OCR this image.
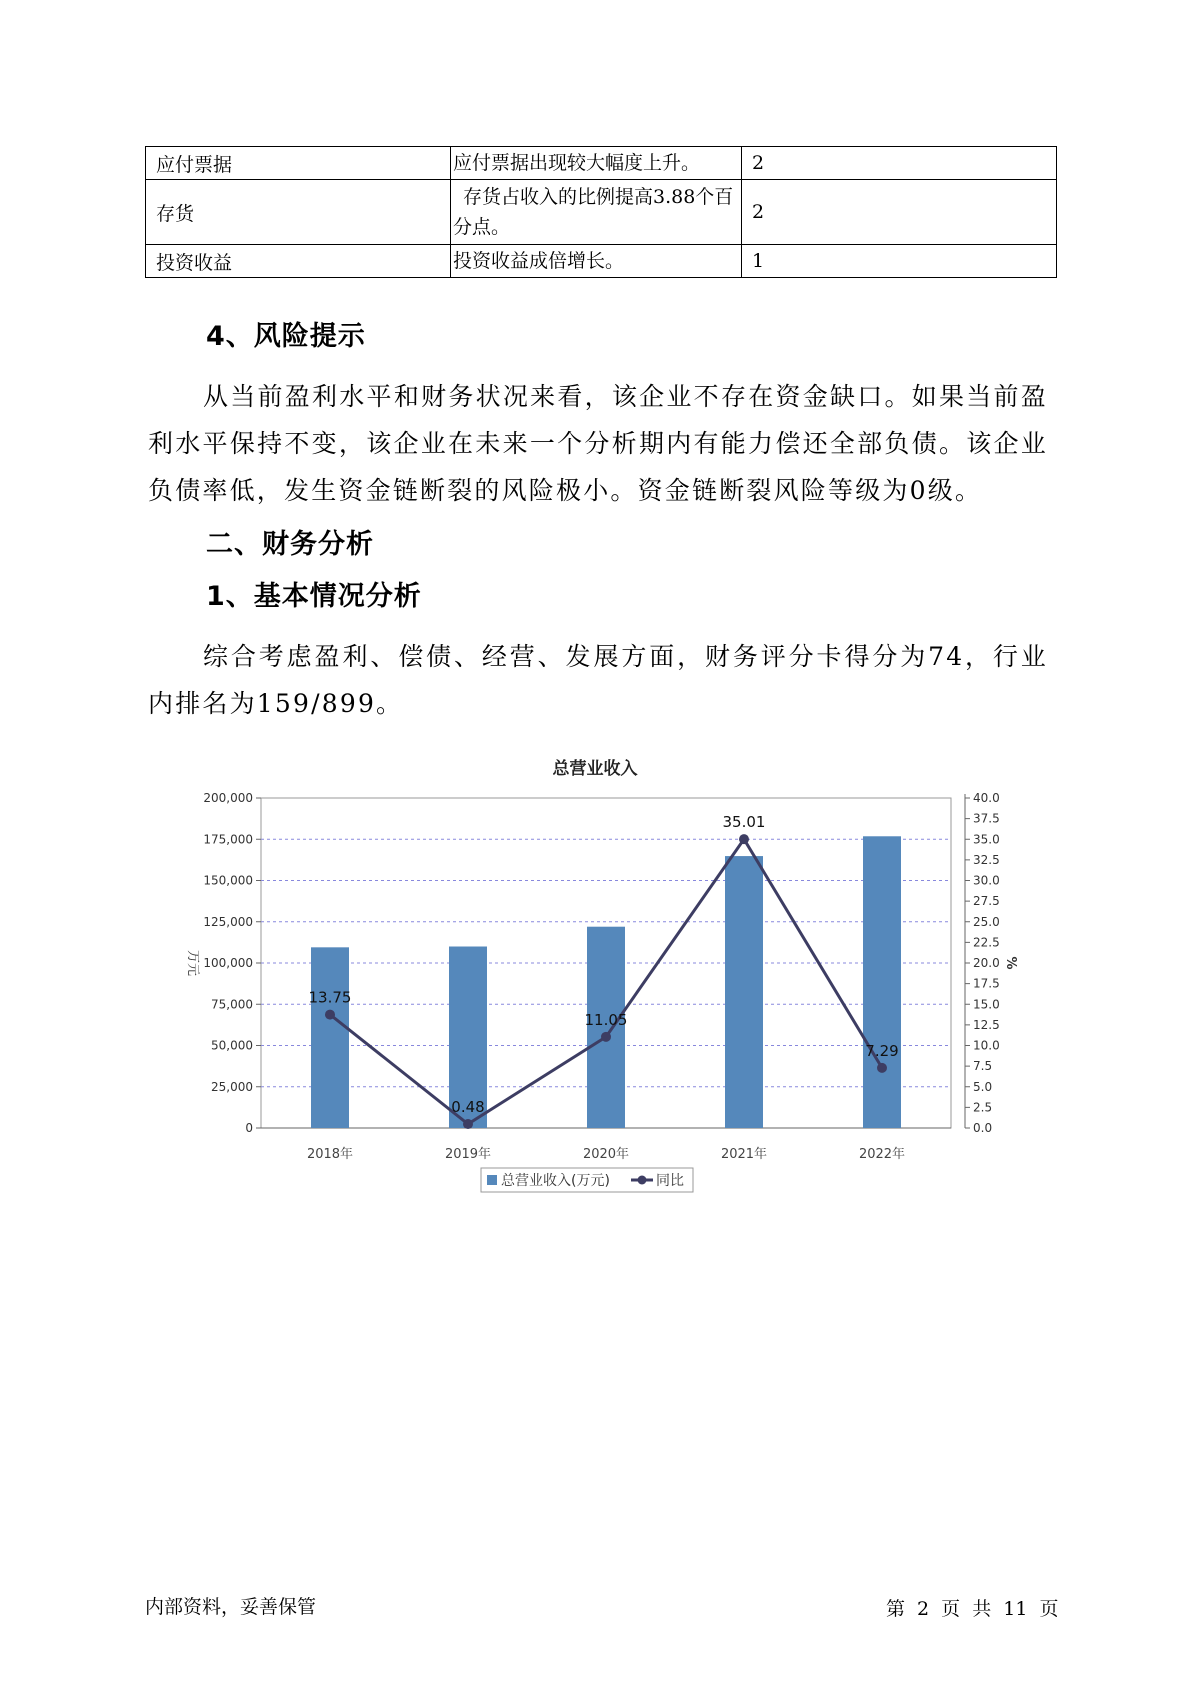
应付票据	应付票据出现较大幅度上升。	2
存货	存货占收入的比例提高3.88个百分点。	2
投资收益	投资收益成倍增长。	1
4、风险提示
从当前盈利水平和财务状况来看，该企业不存在资金缺口。如果当前盈利水平保持不变，该企业在未来一个分析期内有能力偿还全部负债。该企业负债率低，发生资金链断裂的风险极小。资金链断裂风险等级为0级。
二、财务分析
1、基本情况分析
综合考虑盈利、偿债、经营、发展方面，财务评分卡得分为74，行业内排名为159/899。
总营业收入
0
25,000
50,000
75,000
100,000
125,000
150,000
175,000
200,000
0.0
2.5
5.0
7.5
10.0
12.5
15.0
17.5
20.0
22.5
25.0
27.5
30.0
32.5
35.0
37.5
40.0
万元	%
2018年	2019年	2020年	2021年	2022年
13.75
0.48
11.05
35.01
7.29
总营业收入(万元)	同比
内部资料，妥善保管	第 2 页 共 11 页
